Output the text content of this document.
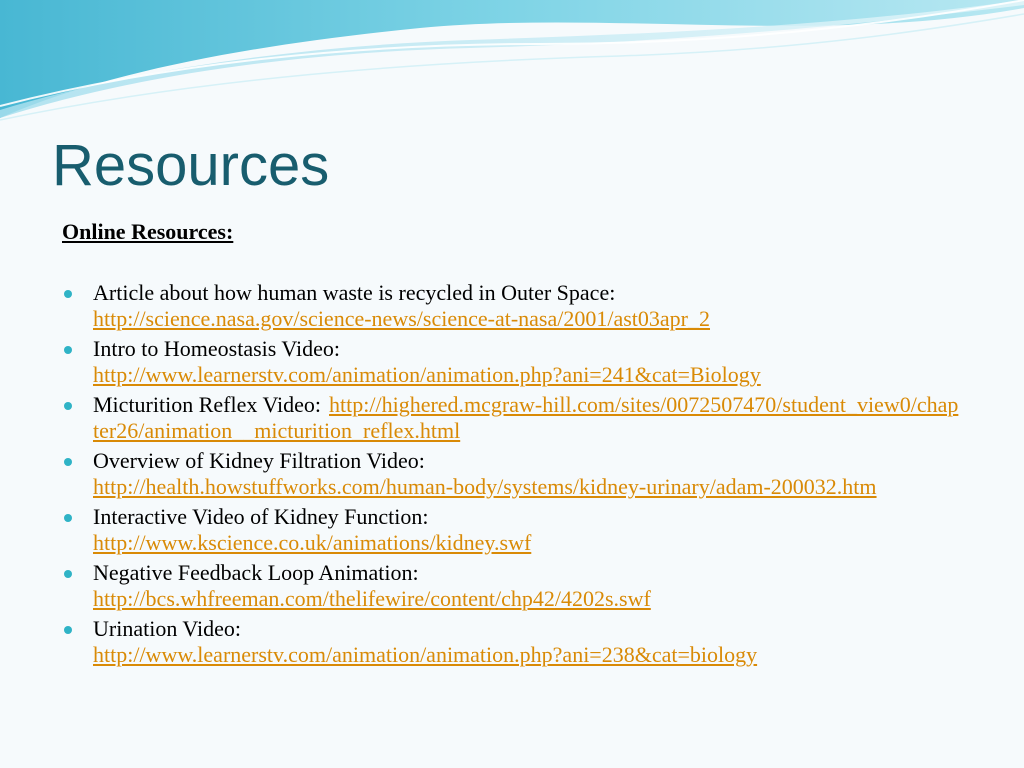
Resources

Online Resources:

Article about how human waste is recycled in Outer Space:
http://science.nasa.gov/science-news/science-at-nasa/2001/ast03apr_2
Intro to Homeostasis Video:
http://www.learnerstv.com/animation/animation.php?ani=241&cat=Biology
Micturition Reflex Video: http://highered.mcgraw-hill.com/sites/0072507470/student_view0/chapter26/animation__micturition_reflex.html
Overview of Kidney Filtration Video:
http://health.howstuffworks.com/human-body/systems/kidney-urinary/adam-200032.htm
Interactive Video of Kidney Function:
http://www.kscience.co.uk/animations/kidney.swf
Negative Feedback Loop Animation:
http://bcs.whfreeman.com/thelifewire/content/chp42/4202s.swf
Urination Video:
http://www.learnerstv.com/animation/animation.php?ani=238&cat=biology
